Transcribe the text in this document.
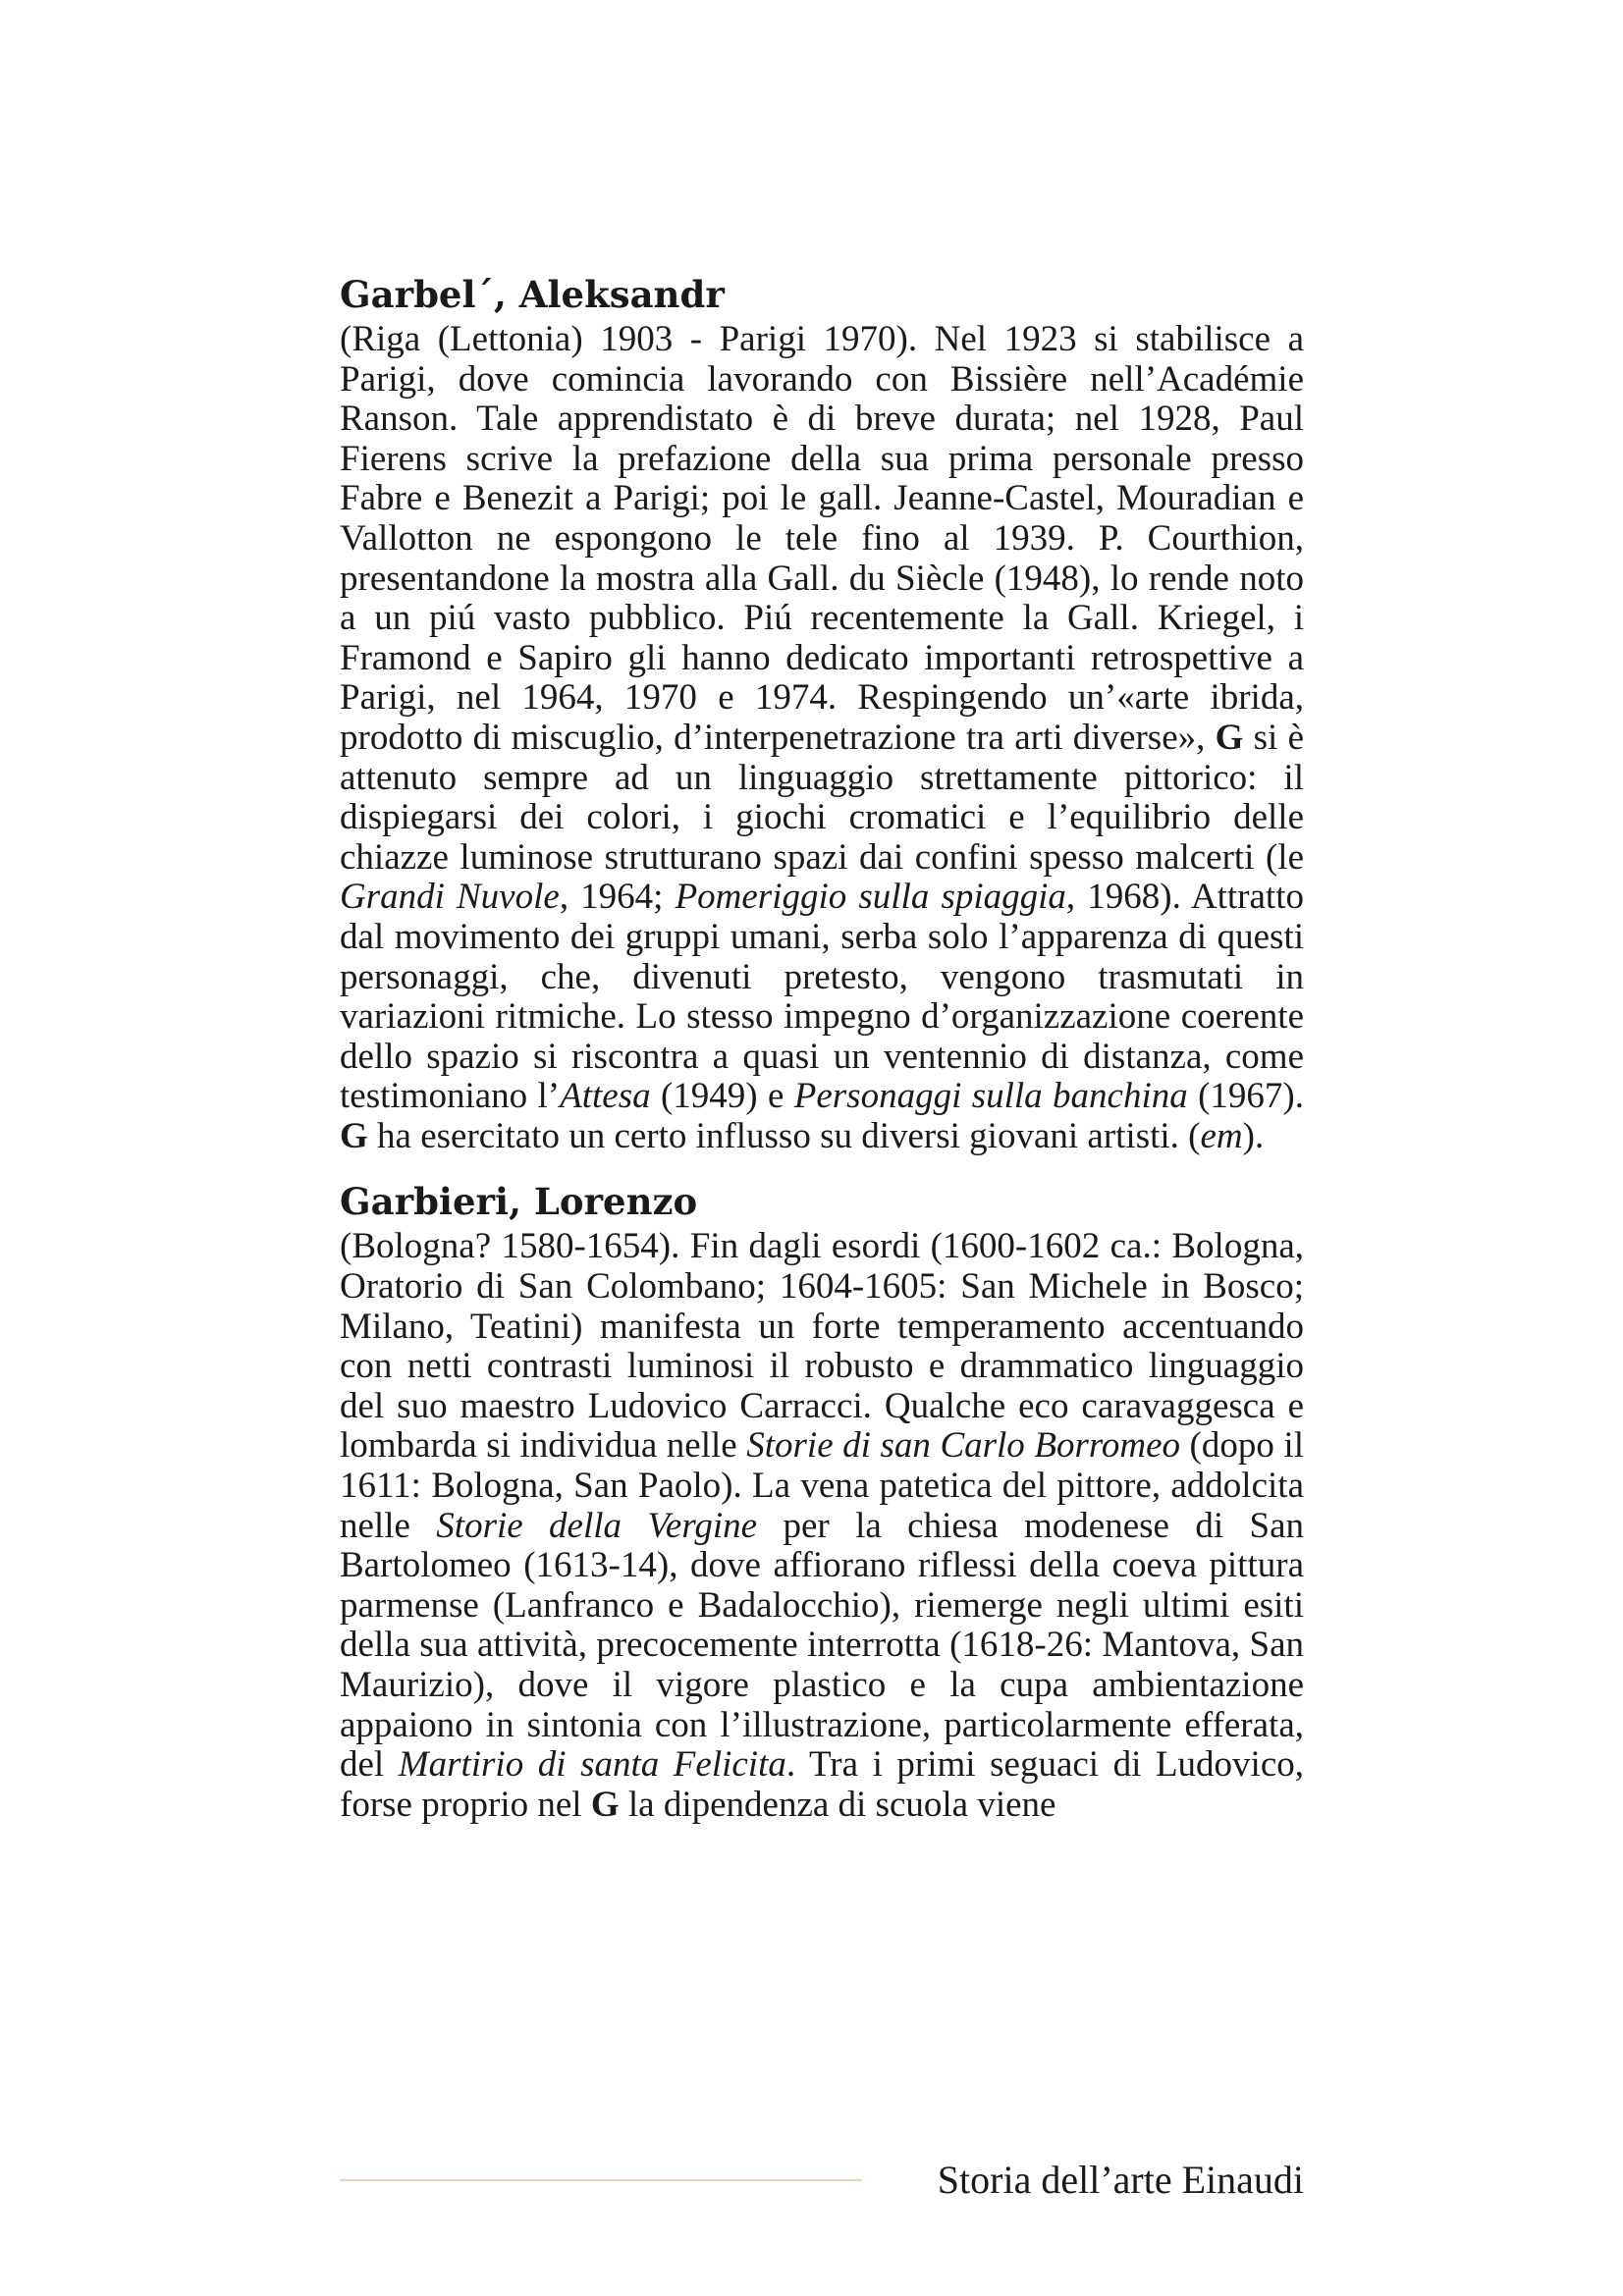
Garbel´, Aleksandr

(Riga (Lettonia) 1903 - Parigi 1970). Nel 1923 si stabilisce a Parigi, dove comincia lavorando con Bissière nell’Académie Ranson. Tale apprendistato è di breve durata; nel 1928, Paul Fierens scrive la prefazione della sua prima personale presso Fabre e Benezit a Parigi; poi le gall. Jeanne-Castel, Mouradian e Vallotton ne espongono le tele fino al 1939. P. Courthion, presentandone la mostra alla Gall. du Siècle (1948), lo rende noto a un piú vasto pubblico. Piú recentemente la Gall. Kriegel, i Framond e Sapiro gli hanno dedicato importanti retrospettive a Parigi, nel 1964, 1970 e 1974. Respingendo un’«arte ibrida, prodotto di miscuglio, d’interpenetrazione tra arti diverse», G si è attenuto sempre ad un linguaggio strettamente pittorico: il dispiegarsi dei colori, i giochi cromatici e l’equilibrio delle chiazze luminose strutturano spazi dai confini spesso malcerti (le Grandi Nuvole, 1964; Pomeriggio sulla spiaggia, 1968). Attratto dal movimento dei gruppi umani, serba solo l’apparenza di questi personaggi, che, divenuti pretesto, vengono trasmutati in variazioni ritmiche. Lo stesso impegno d’organizzazione coerente dello spazio si riscontra a quasi un ventennio di distanza, come testimoniano l’Attesa (1949) e Personaggi sulla banchina (1967). G ha esercitato un certo influsso su diversi giovani artisti. (em).

Garbieri, Lorenzo

(Bologna? 1580-1654). Fin dagli esordi (1600-1602 ca.: Bologna, Oratorio di San Colombano; 1604-1605: San Michele in Bosco; Milano, Teatini) manifesta un forte temperamento accentuando con netti contrasti luminosi il robusto e drammatico linguaggio del suo maestro Ludovico Carracci. Qualche eco caravaggesca e lombarda si individua nelle Storie di san Carlo Borromeo (dopo il 1611: Bologna, San Paolo). La vena patetica del pittore, addolcita nelle Storie della Vergine per la chiesa modenese di San Bartolomeo (1613-14), dove affiorano riflessi della coeva pittura parmense (Lanfranco e Badalocchio), riemerge negli ultimi esiti della sua attività, precocemente interrotta (1618-26: Mantova, San Maurizio), dove il vigore plastico e la cupa ambientazione appaiono in sintonia con l’illustrazione, particolarmente efferata, del Martirio di santa Felicita. Tra i primi seguaci di Ludovico, forse proprio nel G la dipendenza di scuola viene

Storia dell’arte Einaudi
